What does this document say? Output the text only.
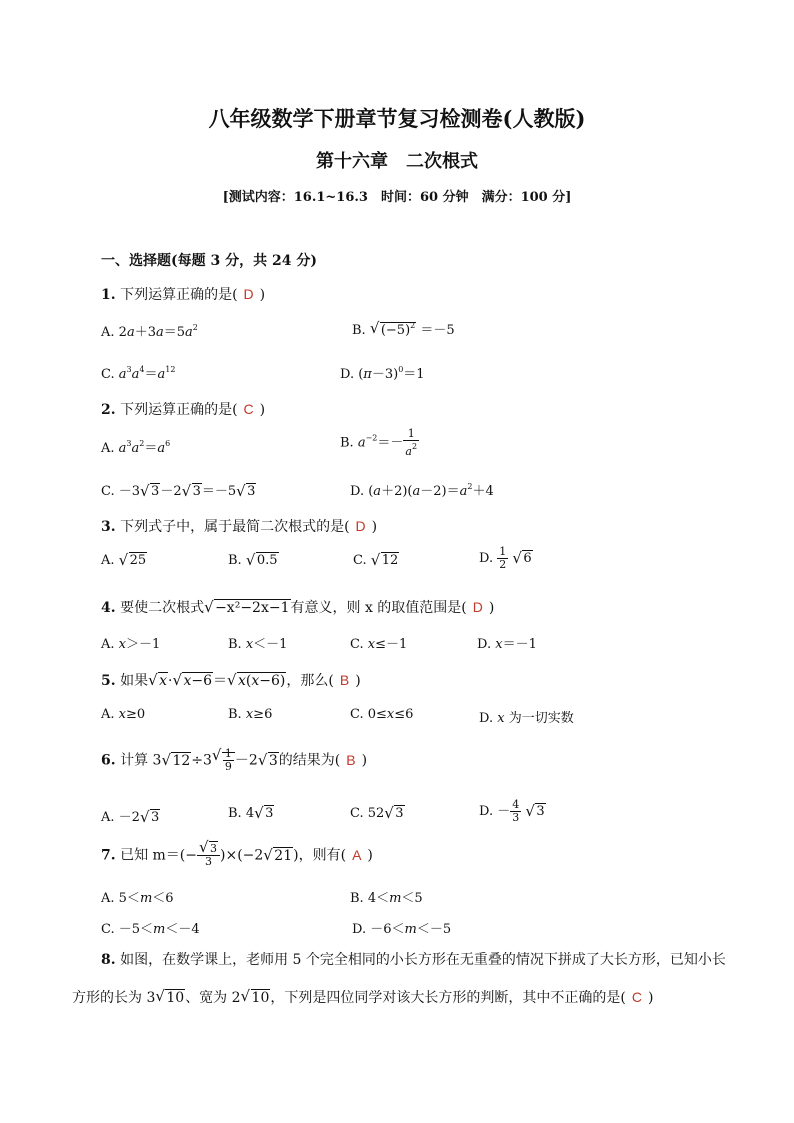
八年级数学下册章节复习检测卷(人教版)
第十六章　二次根式
[测试内容：16.1~16.3　时间：60 分钟　满分：100 分]
一、选择题(每题 3 分，共 24 分)
1. 下列运算正确的是( D )
A. $2a+3a=5a^2$	B. √ $(-5)^2 =-5$
C. $a^3a^4=a^{12}$	D. $(\pi-3)^0=1$
2. 下列运算正确的是( C )
A. $a^3a^2=a^6$	B. $a^{-2}=- \frac{1}{a^2}$
C. －3√ 3－2√ 3＝－5√ 3	D. $(a+2)(a-2)=a^2+4$
3. 下列式子中，属于最简二次根式的是( D )
A. √ 25	B. √ 0.5	C. √ 12	D. $\frac{1}{2}$
√ 6
4. 要使二次根式√ −x²−2x−1有意义，则 x 的取值范围是( D )
A. x＞－1	B. x＜－1	C. x≤－1	D. x＝－1
5. 如果√ x·√ x−6＝√ x(x−6)，那么( B )
A. x≥0	B. x≥6	C. 0≤x≤6	D. x 为一切实数
6. 计算 3√ 12÷3
√ $\frac{1}{9} -2√$ 3的结果为( B )
A. －2√ 3	B. 4√ 3	C. 52√ 3	D. － $\frac{4}{3}$
√ 3
7. 已知 m＝(−
√ $\frac{3}{3} )\times(-2√$ 21)，则有( A )
A. 5＜m＜6	B. 4＜m＜5
C. －5＜m＜－4	D. －6＜m＜－5
8. 如图，在数学课上，老师用 5 个完全相同的小长方形在无重叠的情况下拼成了大长方形，已知小长
方形的长为 3√ 10、宽为 2√ 10，下列是四位同学对该大长方形的判断，其中不正确的是( C )
